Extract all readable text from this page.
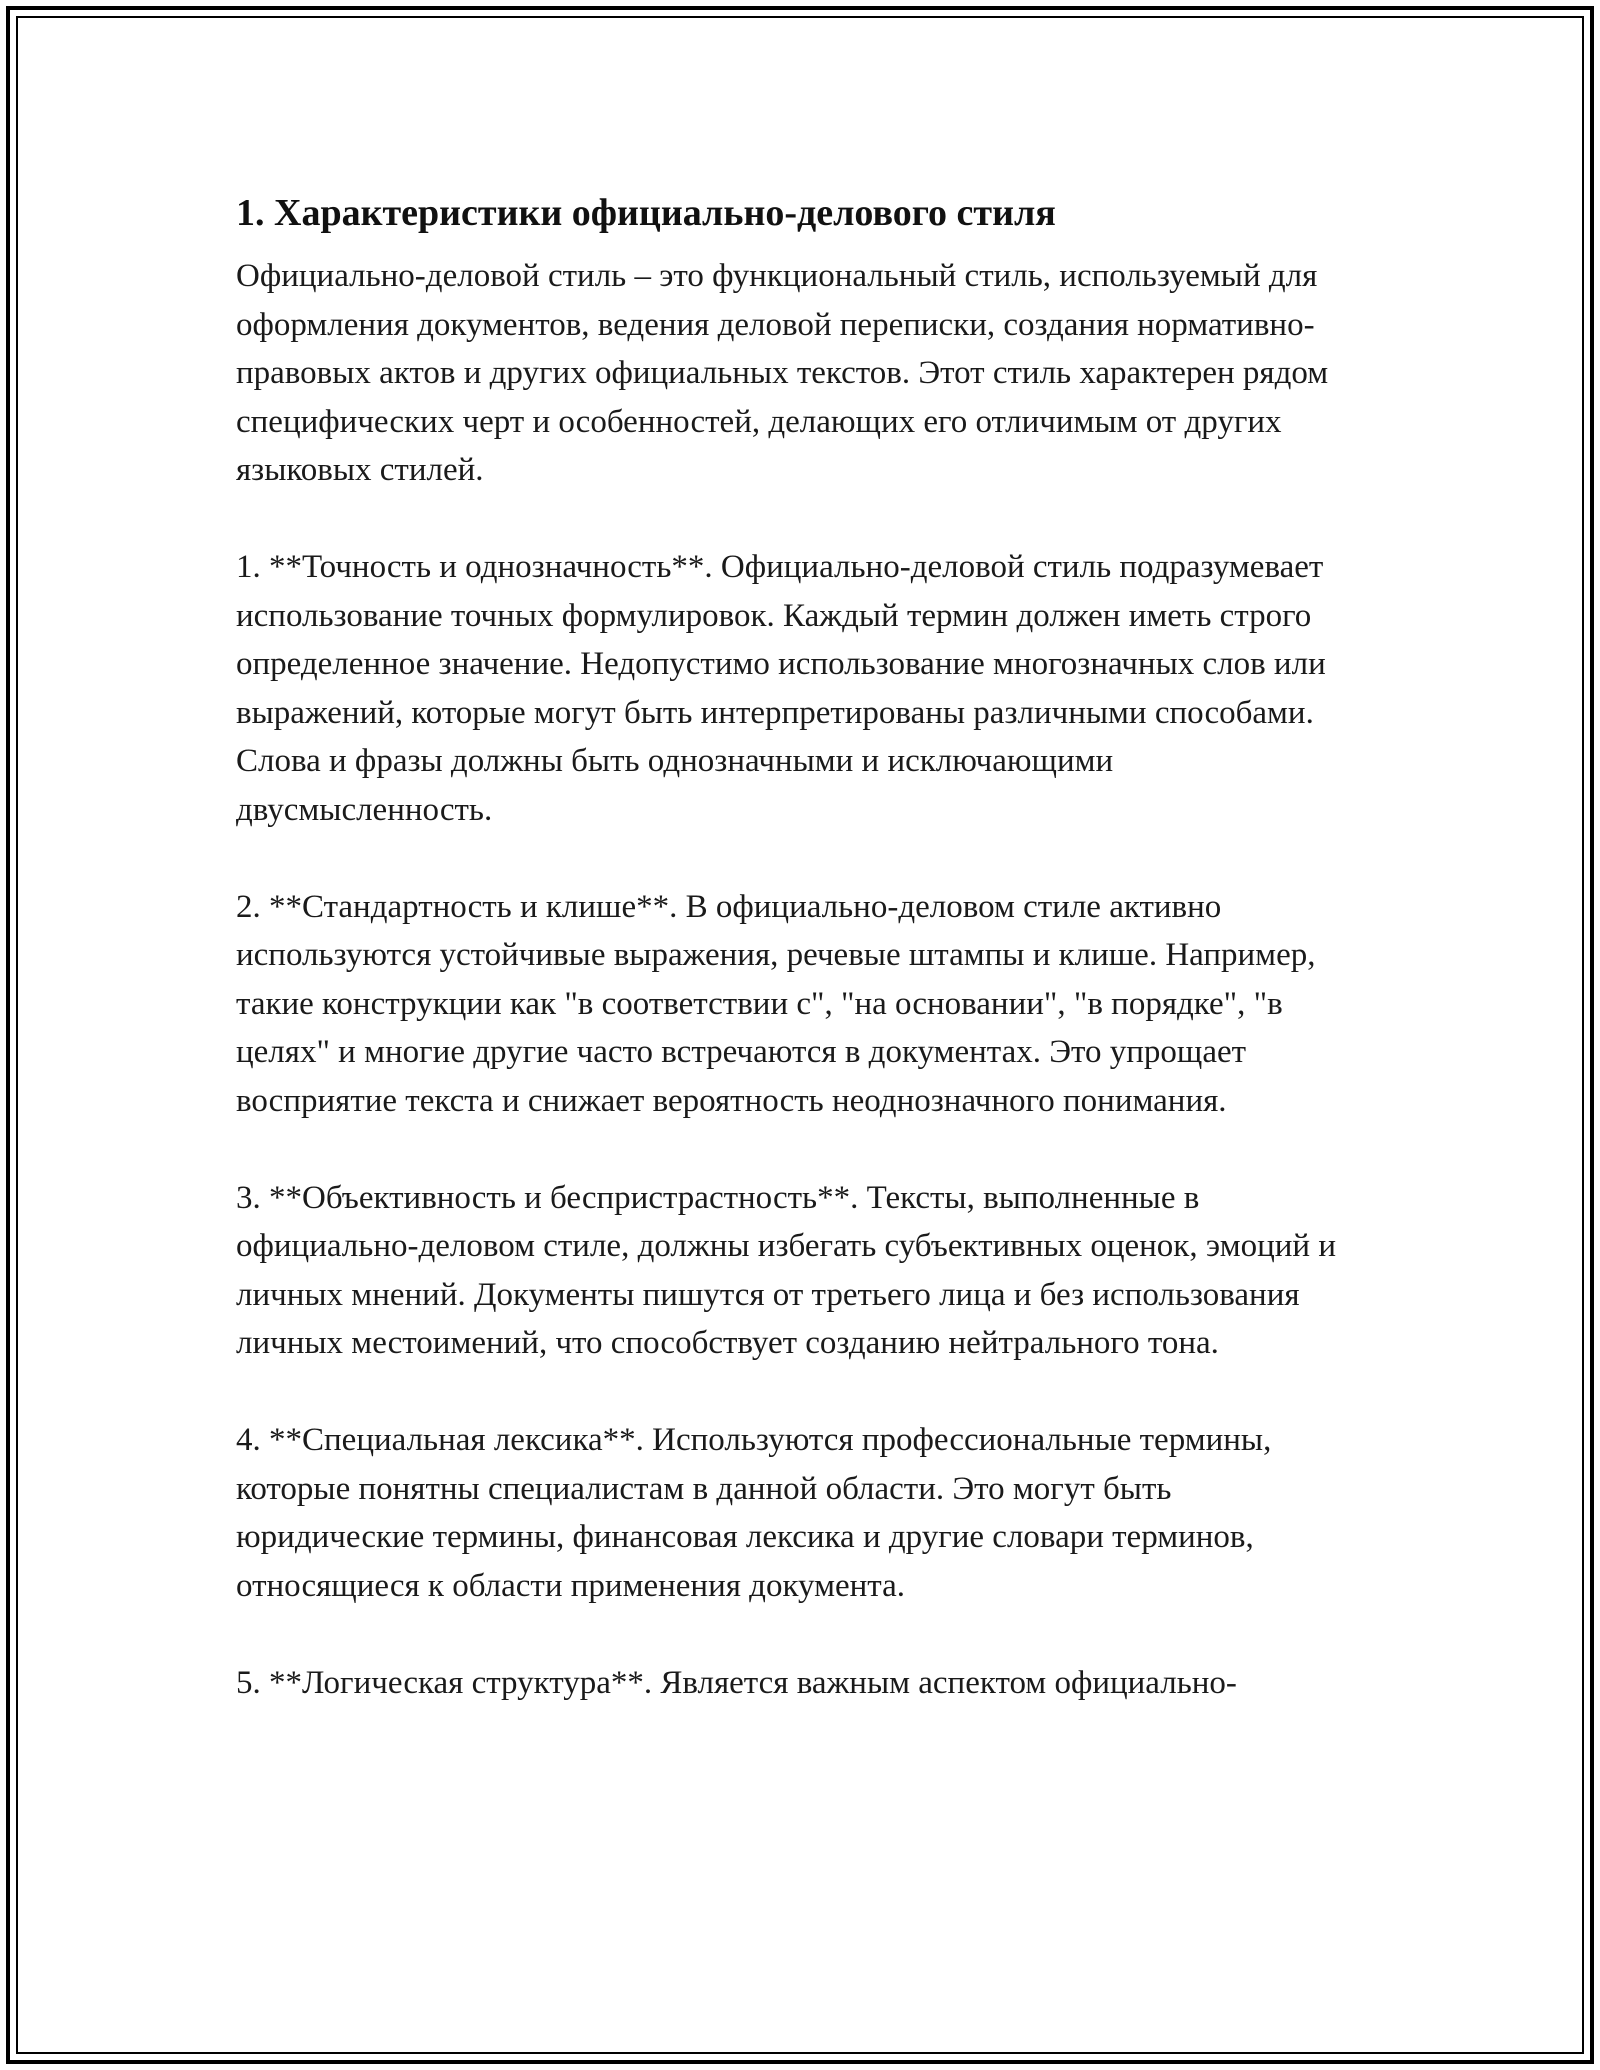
1. Характеристики официально-делового стиля

Официально-деловой стиль – это функциональный стиль, используемый для оформления документов, ведения деловой переписки, создания нормативно-правовых актов и других официальных текстов. Этот стиль характерен рядом специфических черт и особенностей, делающих его отличимым от других языковых стилей.

1. **Точность и однозначность**. Официально-деловой стиль подразумевает использование точных формулировок. Каждый термин должен иметь строго определенное значение. Недопустимо использование многозначных слов или выражений, которые могут быть интерпретированы различными способами. Слова и фразы должны быть однозначными и исключающими двусмысленность.

2. **Стандартность и клише**. В официально-деловом стиле активно используются устойчивые выражения, речевые штампы и клише. Например, такие конструкции как "в соответствии с", "на основании", "в порядке", "в целях" и многие другие часто встречаются в документах. Это упрощает восприятие текста и снижает вероятность неоднозначного понимания.

3. **Объективность и беспристрастность**. Тексты, выполненные в официально-деловом стиле, должны избегать субъективных оценок, эмоций и личных мнений. Документы пишутся от третьего лица и без использования личных местоимений, что способствует созданию нейтрального тона.

4. **Специальная лексика**. Используются профессиональные термины, которые понятны специалистам в данной области. Это могут быть юридические термины, финансовая лексика и другие словари терминов, относящиеся к области применения документа.

5. **Логическая структура**. Является важным аспектом официально-
